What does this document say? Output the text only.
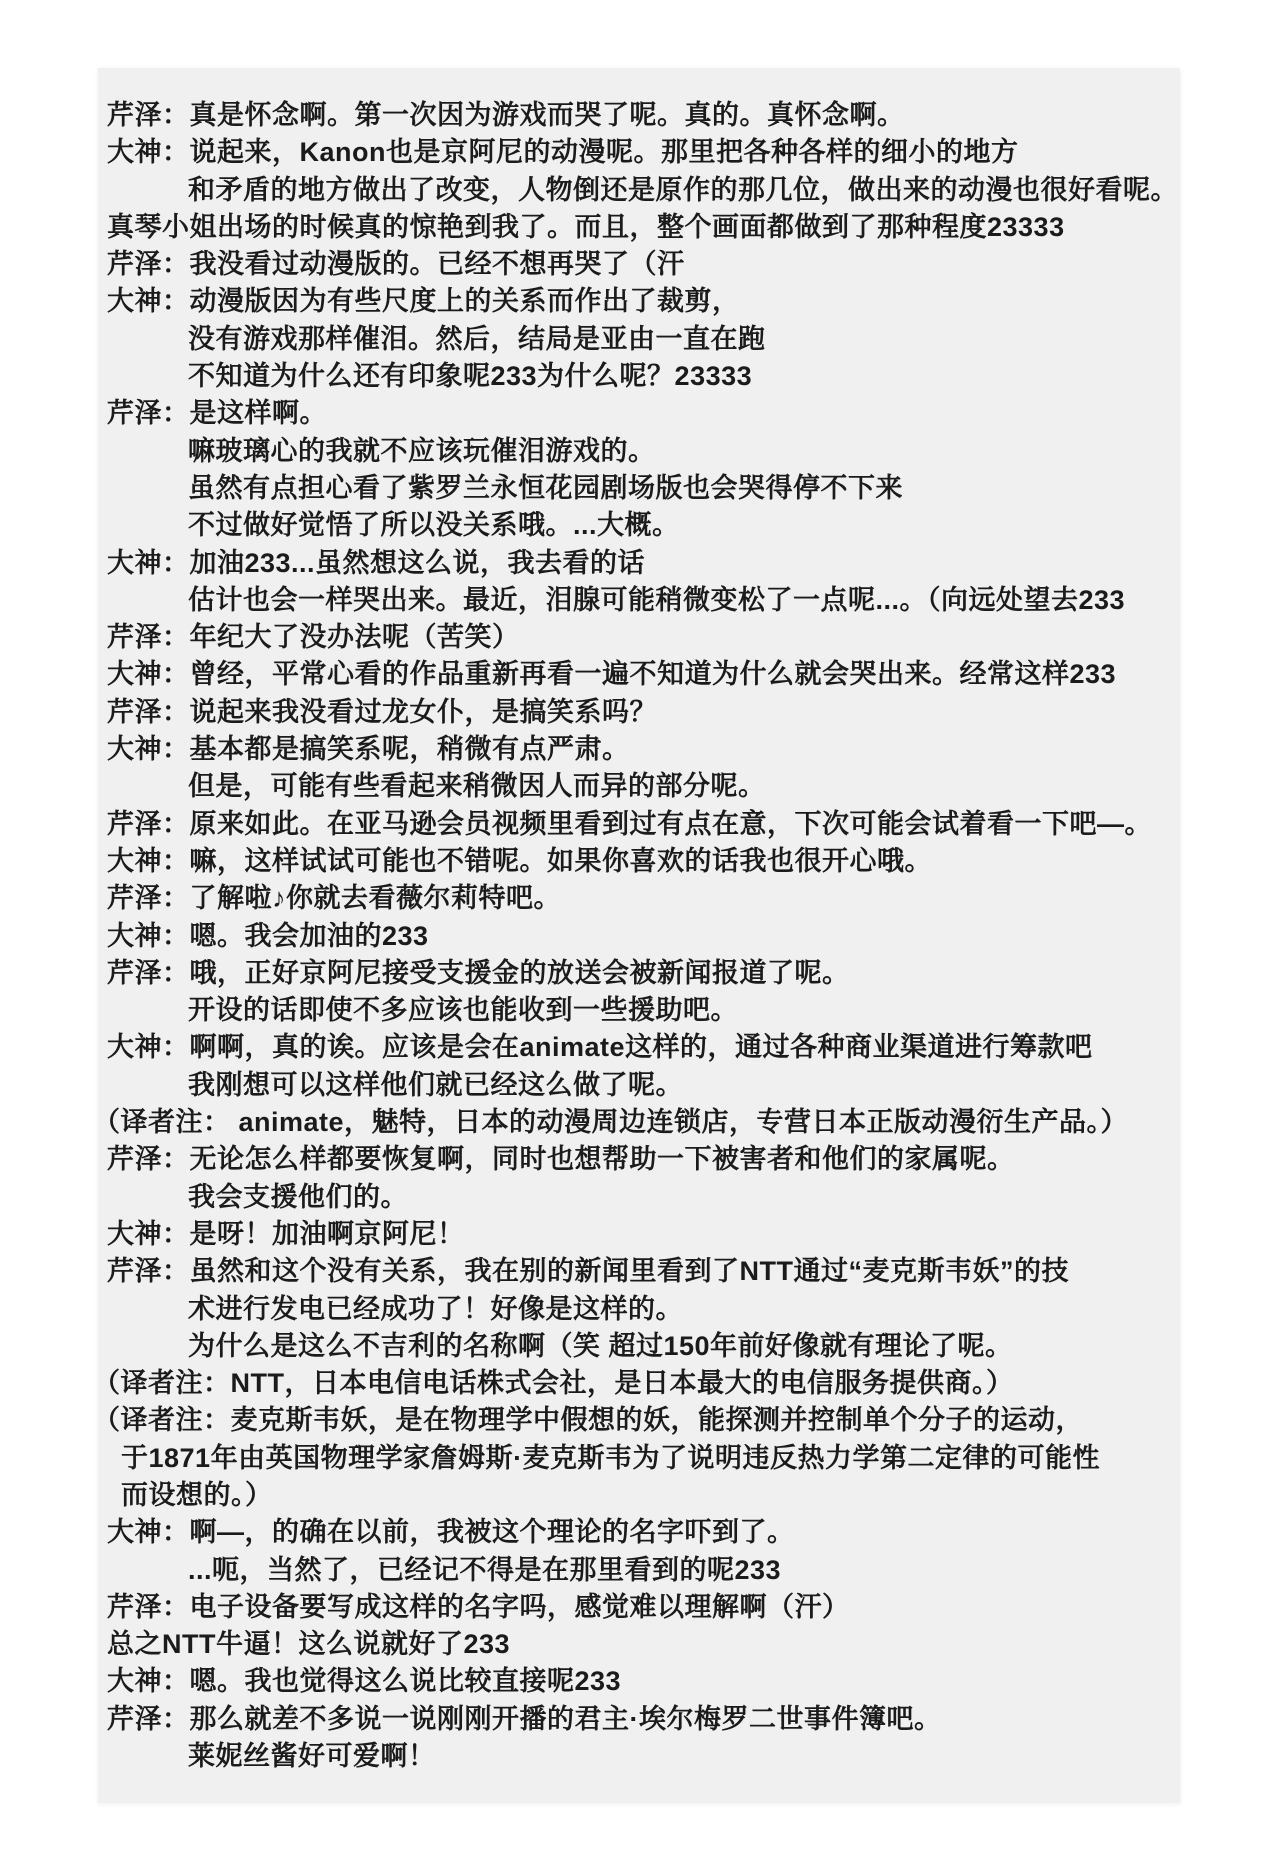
芹泽：真是怀念啊。第一次因为游戏而哭了呢。真的。真怀念啊。
大神：说起来，Kanon也是京阿尼的动漫呢。那里把各种各样的细小的地方
和矛盾的地方做出了改变，人物倒还是原作的那几位，做出来的动漫也很好看呢。
真琴小姐出场的时候真的惊艳到我了。而且，整个画面都做到了那种程度23333
芹泽：我没看过动漫版的。已经不想再哭了（汗
大神：动漫版因为有些尺度上的关系而作出了裁剪，
没有游戏那样催泪。然后，结局是亚由一直在跑
不知道为什么还有印象呢233为什么呢？23333
芹泽：是这样啊。
嘛玻璃心的我就不应该玩催泪游戏的。
虽然有点担心看了紫罗兰永恒花园剧场版也会哭得停不下来
不过做好觉悟了所以没关系哦。...大概。
大神：加油233...虽然想这么说，我去看的话
估计也会一样哭出来。最近，泪腺可能稍微变松了一点呢...。（向远处望去233
芹泽：年纪大了没办法呢（苦笑）
大神：曾经，平常心看的作品重新再看一遍不知道为什么就会哭出来。经常这样233
芹泽：说起来我没看过龙女仆，是搞笑系吗？
大神：基本都是搞笑系呢，稍微有点严肃。
但是，可能有些看起来稍微因人而异的部分呢。
芹泽：原来如此。在亚马逊会员视频里看到过有点在意，下次可能会试着看一下吧—。
大神：嘛，这样试试可能也不错呢。如果你喜欢的话我也很开心哦。
芹泽：了解啦♪你就去看薇尔莉特吧。
大神：嗯。我会加油的233
芹泽：哦，正好京阿尼接受支援金的放送会被新闻报道了呢。
开设的话即使不多应该也能收到一些援助吧。
大神：啊啊，真的诶。应该是会在animate这样的，通过各种商业渠道进行筹款吧
我刚想可以这样他们就已经这么做了呢。
（译者注： animate，魅特，日本的动漫周边连锁店，专营日本正版动漫衍生产品。）
芹泽：无论怎么样都要恢复啊，同时也想帮助一下被害者和他们的家属呢。
我会支援他们的。
大神：是呀！加油啊京阿尼！
芹泽：虽然和这个没有关系，我在别的新闻里看到了NTT通过“麦克斯韦妖”的技
术进行发电已经成功了！好像是这样的。
为什么是这么不吉利的名称啊（笑 超过150年前好像就有理论了呢。
（译者注：NTT，日本电信电话株式会社，是日本最大的电信服务提供商。）
（译者注：麦克斯韦妖，是在物理学中假想的妖，能探测并控制单个分子的运动，
于1871年由英国物理学家詹姆斯·麦克斯韦为了说明违反热力学第二定律的可能性
而设想的。）
大神：啊—，的确在以前，我被这个理论的名字吓到了。
...呃，当然了，已经记不得是在那里看到的呢233
芹泽：电子设备要写成这样的名字吗，感觉难以理解啊（汗）
总之NTT牛逼！这么说就好了233
大神：嗯。我也觉得这么说比较直接呢233
芹泽：那么就差不多说一说刚刚开播的君主·埃尔梅罗二世事件簿吧。
莱妮丝酱好可爱啊！
